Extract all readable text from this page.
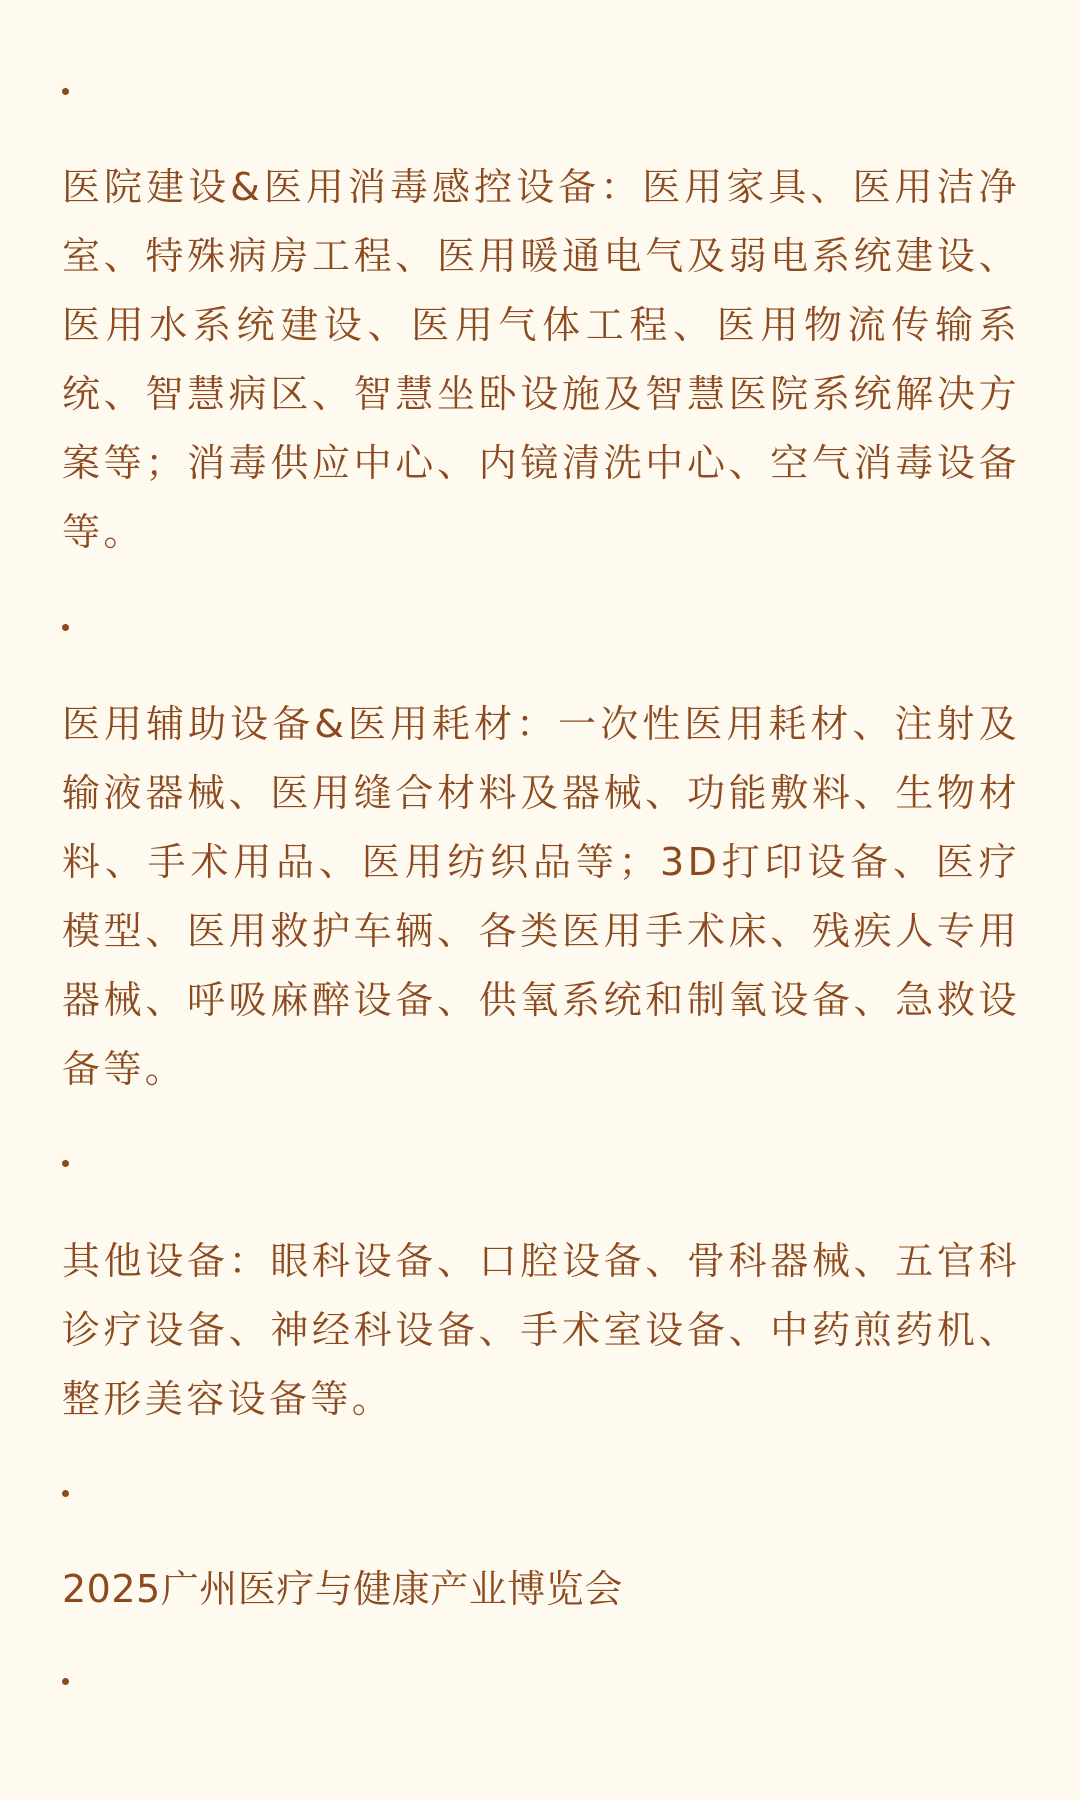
医院建设&医用消毒感控设备：医用家具、医用洁净室、特殊病房工程、医用暖通电气及弱电系统建设、医用水系统建设、医用气体工程、医用物流传输系统、智慧病区、智慧坐卧设施及智慧医院系统解决方案等；消毒供应中心、内镜清洗中心、空气消毒设备等。

医用辅助设备&医用耗材：一次性医用耗材、注射及输液器械、医用缝合材料及器械、功能敷料、生物材料、手术用品、医用纺织品等；3D打印设备、医疗模型、医用救护车辆、各类医用手术床、残疾人专用器械、呼吸麻醉设备、供氧系统和制氧设备、急救设备等。

其他设备：眼科设备、口腔设备、骨科器械、五官科诊疗设备、神经科设备、手术室设备、中药煎药机、整形美容设备等。

2025广州医疗与健康产业博览会
